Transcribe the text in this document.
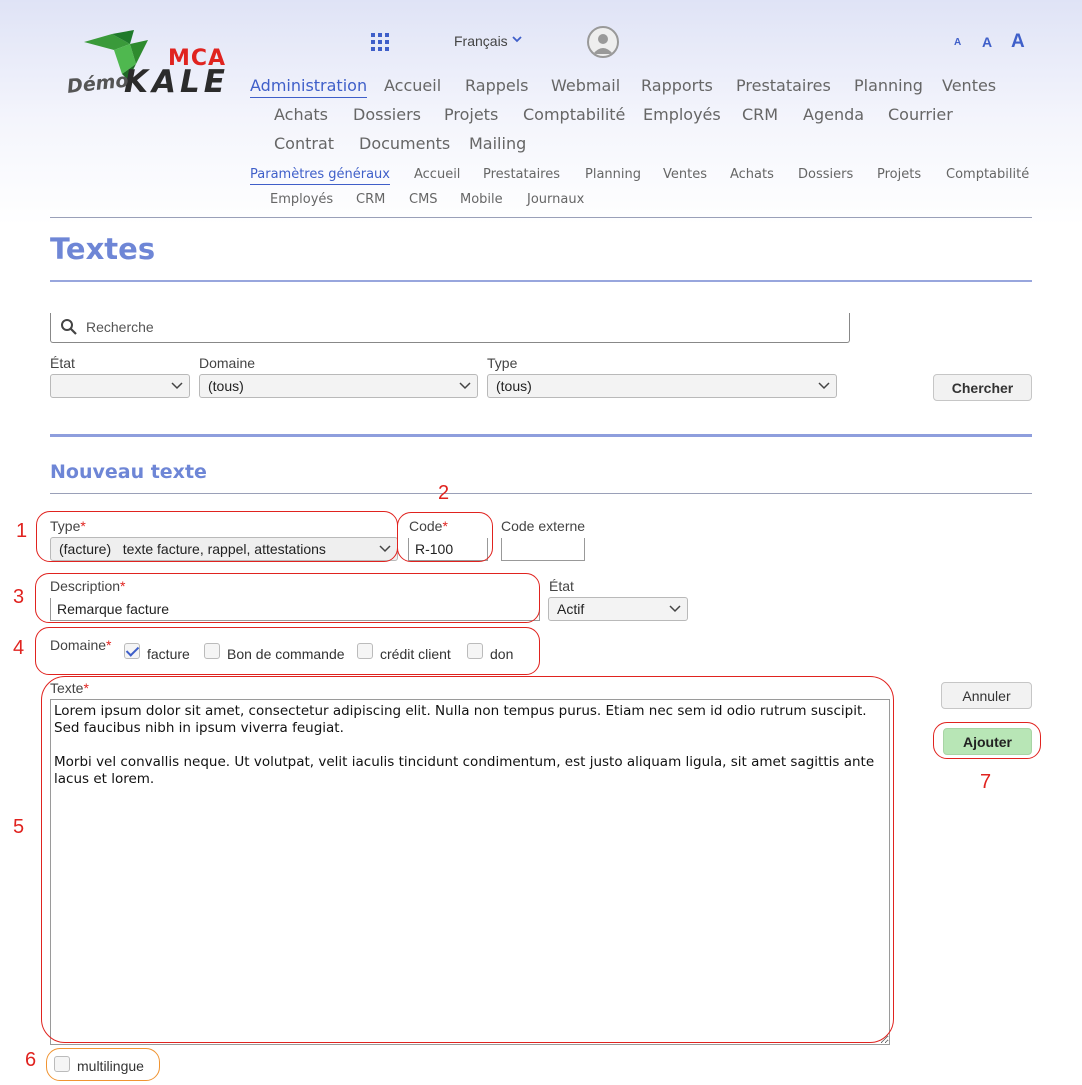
MCA
KALE
Démo
Français	A A A
Administration Accueil Rappels Webmail Rapports Prestataires Planning Ventes
Achats Dossiers Projets Comptabilité Employés CRM Agenda Courrier
Contrat Documents Mailing
Paramètres généraux Accueil Prestataires Planning Ventes Achats Dossiers Projets Comptabilité
Employés CRM CMS Mobile Journaux
Textes
Recherche
État	Domaine
(tous)
Type
(tous)	Chercher
Nouveau texte
Type*
(facture)   texte facture, rappel, attestations
Code*
R-100	Code externe
Description*
Remarque facture	État
Actif
Domaine*
facture	Bon de commande	crédit client	don
Texte*
Lorem ipsum dolor sit amet, consectetur adipiscing elit. Nulla non tempus purus. Etiam nec sem id odio rutrum suscipit. Sed faucibus nibh in ipsum viverra feugiat. Morbi vel convallis neque. Ut volutpat, velit iaculis tincidunt condimentum, est justo aliquam ligula, sit amet sagittis ante lacus et lorem.
multilingue
Annuler
Ajouter
1
2
3
4
5
6
7
